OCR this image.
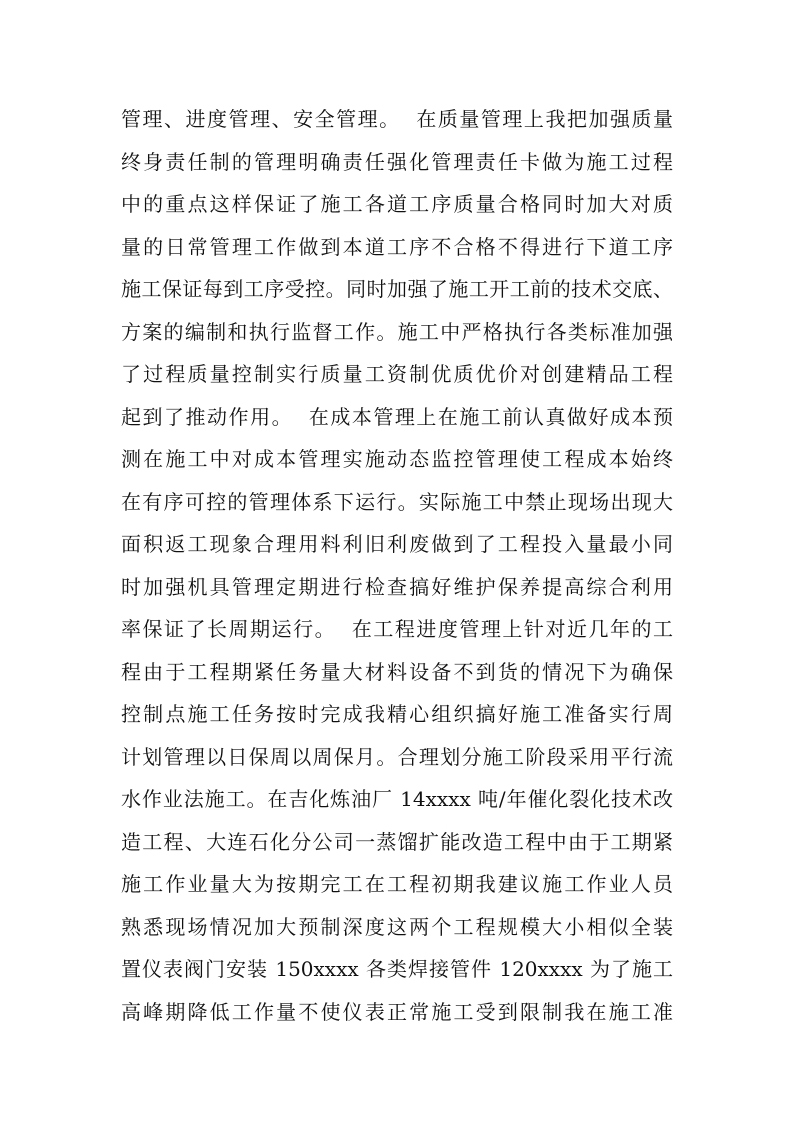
管理、进度管理、安全管理。  在质量管理上我把加强质量
终身责任制的管理明确责任强化管理责任卡做为施工过程
中的重点这样保证了施工各道工序质量合格同时加大对质
量的日常管理工作做到本道工序不合格不得进行下道工序
施工保证每到工序受控。同时加强了施工开工前的技术交底、
方案的编制和执行监督工作。施工中严格执行各类标准加强
了过程质量控制实行质量工资制优质优价对创建精品工程
起到了推动作用。  在成本管理上在施工前认真做好成本预
测在施工中对成本管理实施动态监控管理使工程成本始终
在有序可控的管理体系下运行。实际施工中禁止现场出现大
面积返工现象合理用料利旧利废做到了工程投入量最小同
时加强机具管理定期进行检查搞好维护保养提高综合利用
率保证了长周期运行。  在工程进度管理上针对近几年的工
程由于工程期紧任务量大材料设备不到货的情况下为确保
控制点施工任务按时完成我精心组织搞好施工准备实行周
计划管理以日保周以周保月。合理划分施工阶段采用平行流
水作业法施工。在吉化炼油厂 14xxxx 吨/年催化裂化技术改
造工程、大连石化分公司一蒸馏扩能改造工程中由于工期紧
施工作业量大为按期完工在工程初期我建议施工作业人员
熟悉现场情况加大预制深度这两个工程规模大小相似全装
置仪表阀门安装 150xxxx 各类焊接管件 120xxxx 为了施工
高峰期降低工作量不使仪表正常施工受到限制我在施工准
